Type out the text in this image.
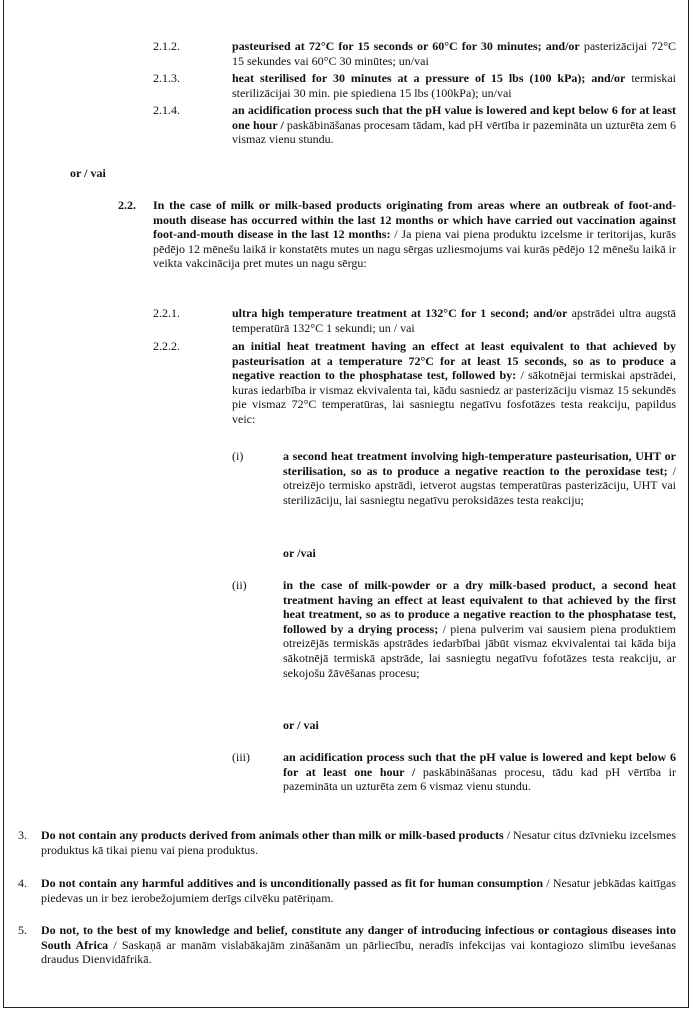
2.1.2.	pasteurised at 72°C for 15 seconds or 60°C for 30 minutes; and/or pasterizācijai 72°C 15 sekundes vai 60°C 30 minūtes; un/vai
2.1.3.	heat sterilised for 30 minutes at a pressure of 15 lbs (100 kPa); and/or termiskai sterilizācijai 30 min. pie spiediena 15 lbs (100kPa); un/vai
2.1.4.	an acidification process such that the pH value is lowered and kept below 6 for at least one hour / paskābināšanas procesam tādam, kad pH vērtība ir pazemināta un uzturēta zem 6 vismaz vienu stundu.
or / vai
2.2. In the case of milk or milk-based products originating from areas where an outbreak of foot-and-mouth disease has occurred within the last 12 months or which have carried out vaccination against foot-and-mouth disease in the last 12 months: / Ja piena vai piena produktu izcelsme ir teritorijas, kurās pēdējo 12 mēnešu laikā ir konstatēts mutes un nagu sērgas uzliesmojums vai kurās pēdējo 12 mēnešu laikā ir veikta vakcinācija pret mutes un nagu sērgu:
2.2.1.	ultra high temperature treatment at 132°C for 1 second; and/or apstrādei ultra augstā temperatūrā 132°C 1 sekundi; un / vai
2.2.2.	an initial heat treatment having an effect at least equivalent to that achieved by pasteurisation at a temperature 72°C for at least 15 seconds, so as to produce a negative reaction to the phosphatase test, followed by: / sākotnējai termiskai apstrādei, kuras iedarbība ir vismaz ekvivalenta tai, kādu sasniedz ar pasterizāciju vismaz 15 sekundēs pie vismaz 72°C temperatūras, lai sasniegtu negatīvu fosfotāzes testa reakciju, papildus veic:
(i)	a second heat treatment involving high-temperature pasteurisation, UHT or sterilisation, so as to produce a negative reaction to the peroxidase test; / otreizējo termisko apstrādi, ietverot augstas temperatūras pasterizāciju, UHT vai sterilizāciju, lai sasniegtu negatīvu peroksidāzes testa reakciju;
or /vai
(ii)	in the case of milk-powder or a dry milk-based product, a second heat treatment having an effect at least equivalent to that achieved by the first heat treatment, so as to produce a negative reaction to the phosphatase test, followed by a drying process; / piena pulverim vai sausiem piena produktiem otreizējās termiskās apstrādes iedarbībai jābūt vismaz ekvivalentai tai kāda bija sākotnējā termiskā apstrāde, lai sasniegtu negatīvu fofotāzes testa reakciju, ar sekojošu žāvēšanas procesu;
or / vai
(iii)	an acidification process such that the pH value is lowered and kept below 6 for at least one hour / paskābināšanas procesu, tādu kad pH vērtība ir pazemināta un uzturēta zem 6 vismaz vienu stundu.
3. Do not contain any products derived from animals other than milk or milk-based products / Nesatur citus dzīvnieku izcelsmes produktus kā tikai pienu vai piena produktus.
4. Do not contain any harmful additives and is unconditionally passed as fit for human consumption / Nesatur jebkādas kaitīgas piedevas un ir bez ierobežojumiem derīgs cilvēku patēriņam.
5. Do not, to the best of my knowledge and belief, constitute any danger of introducing infectious or contagious diseases into South Africa / Saskaņā ar manām vislabākajām zināšanām un pārliecību, neradīs infekcijas vai kontagiozo slimību ievešanas draudus Dienvidāfrikā.
